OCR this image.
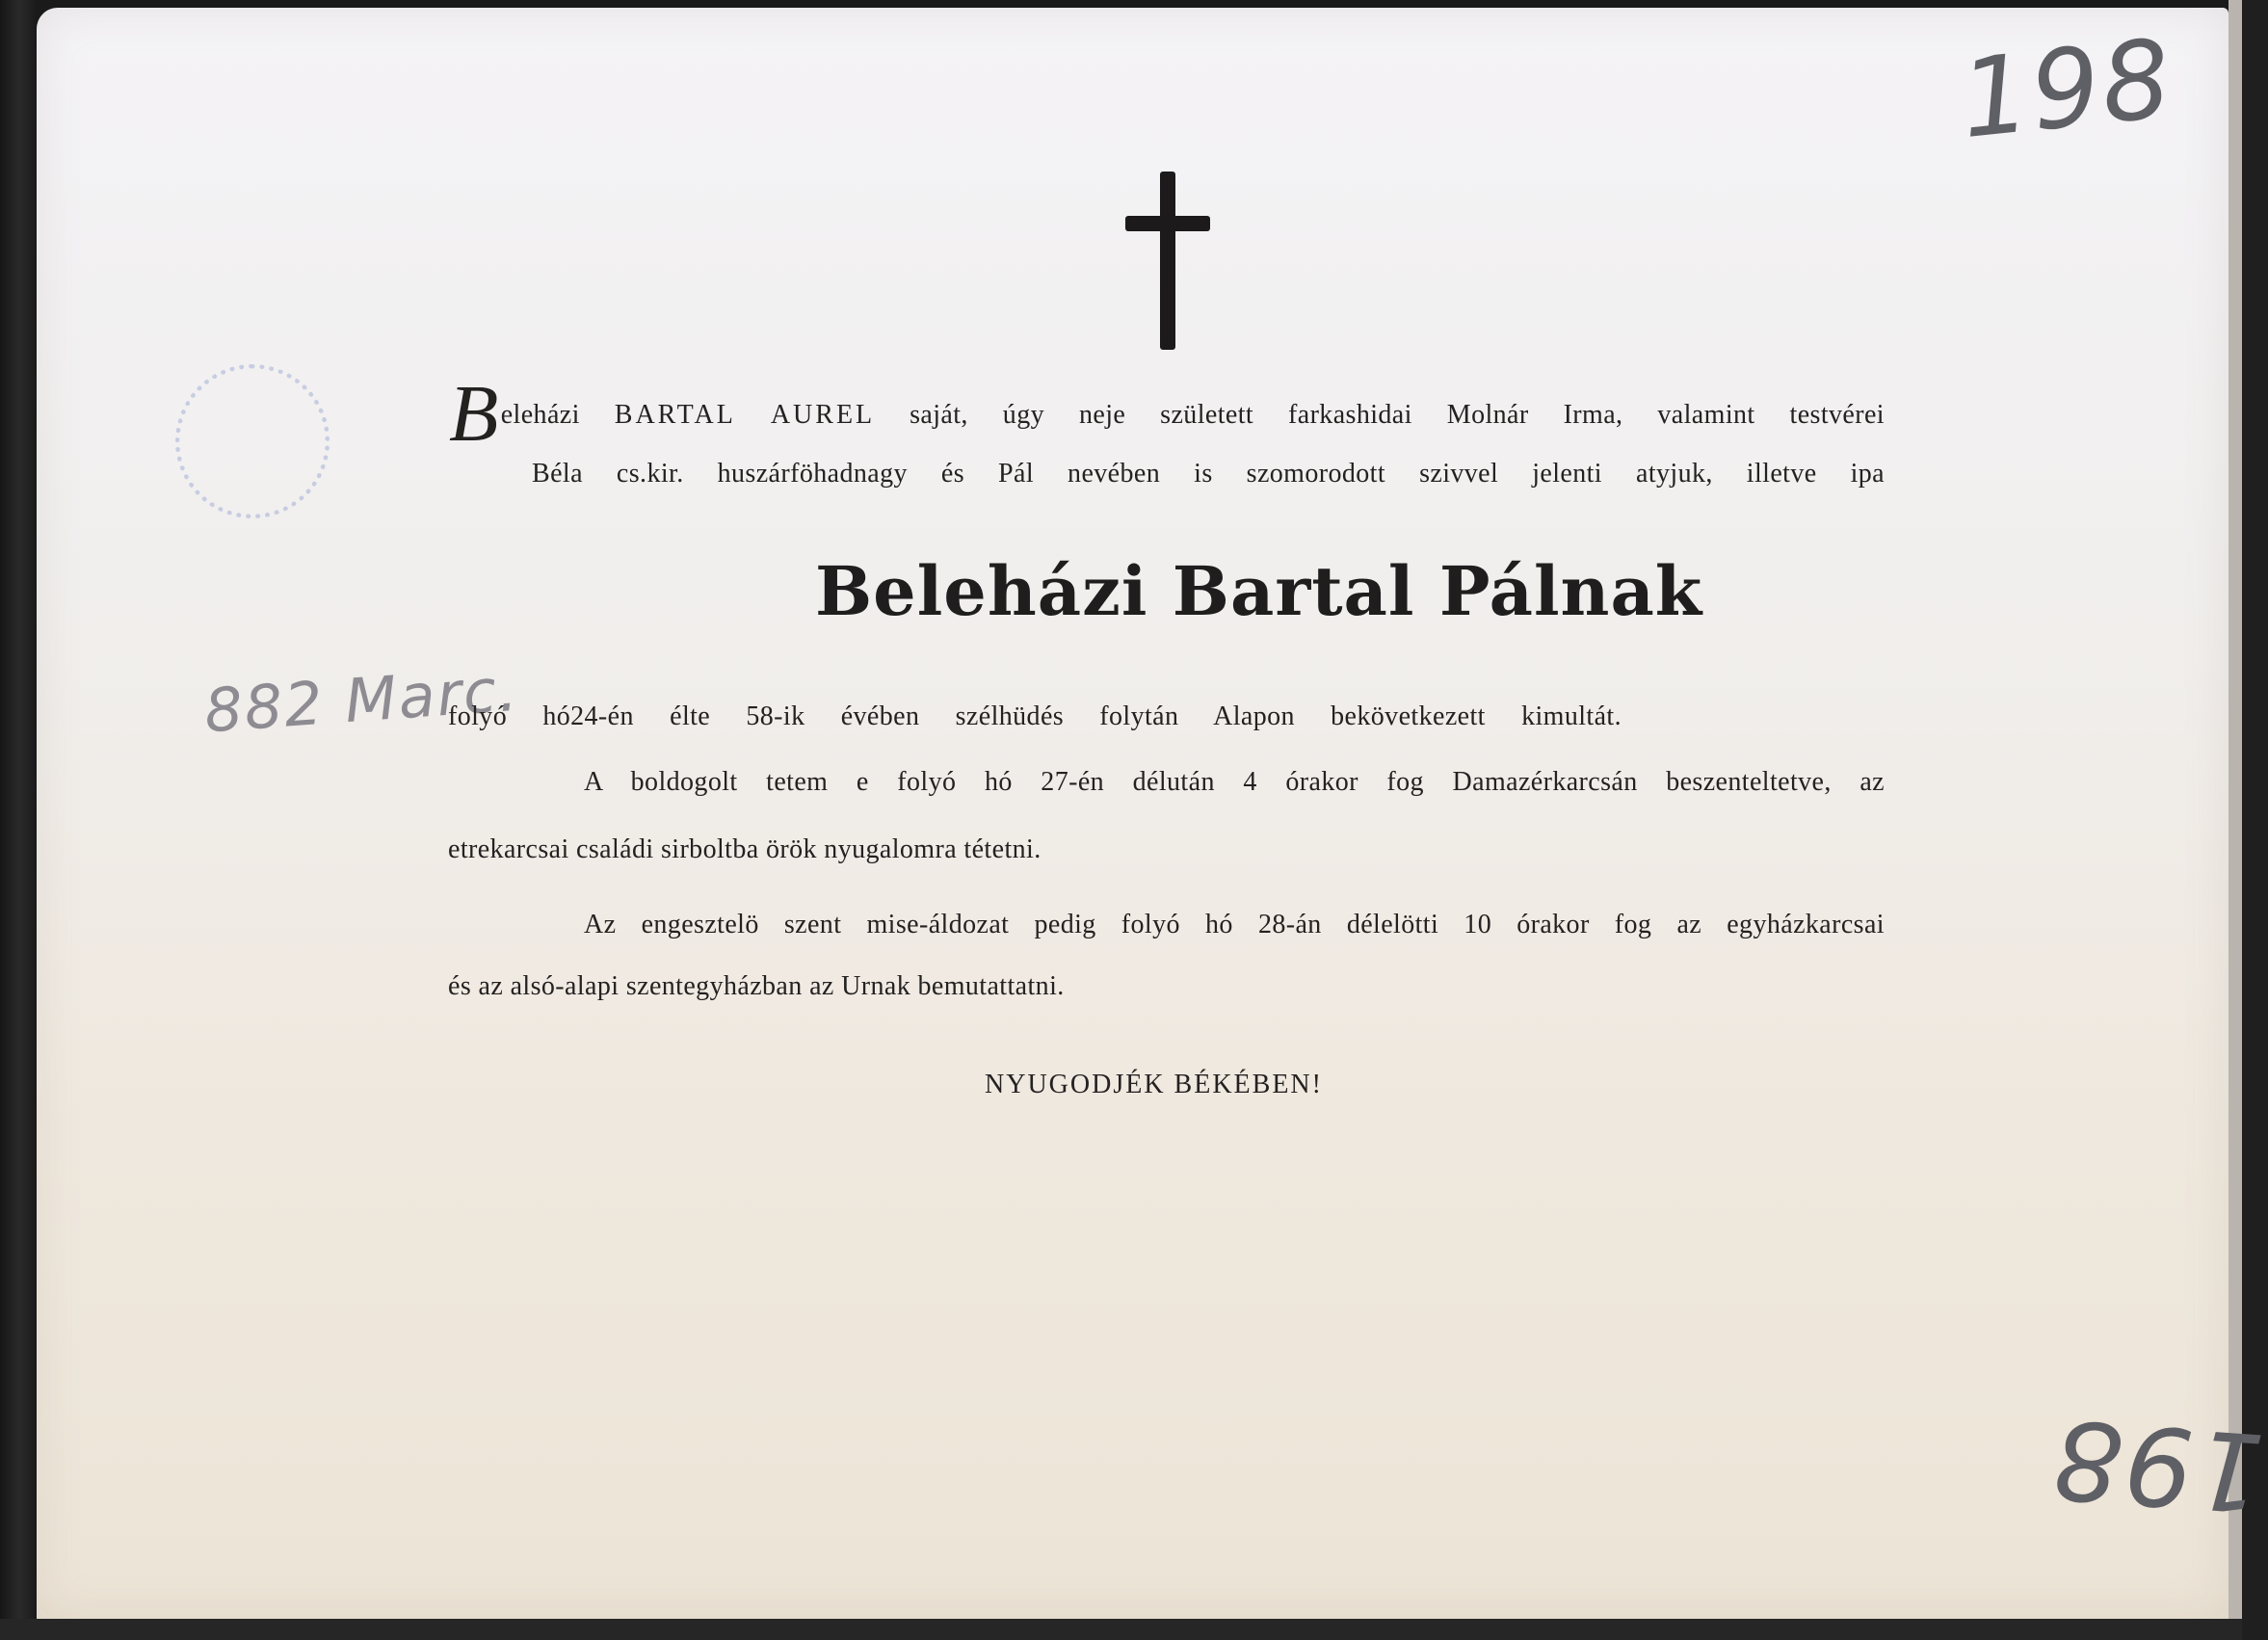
198
198
882 Marc.
Beleházi BARTAL AUREL saját, úgy neje született farkashidai Molnár Irma, valamint testvérei
Béla cs.kir. huszárföhadnagy és Pál nevében is szomorodott szivvel jelenti atyjuk, illetve ipa
Beleházi Bartal Pálnak
folyó hó24-én élte 58-ik évében szélhüdés folytán Alapon bekövetkezett kimultát.
A boldogolt tetem e folyó hó 27-én délután 4 órakor fog Damazérkarcsán beszenteltetve, az
etrekarcsai családi sirboltba örök nyugalomra tétetni.
Az engesztelö szent mise-áldozat pedig folyó hó 28-án délelötti 10 órakor fog az egyházkarcsai
és az alsó-alapi szentegyházban az Urnak bemutattatni.
NYUGODJÉK BÉKÉBEN!
